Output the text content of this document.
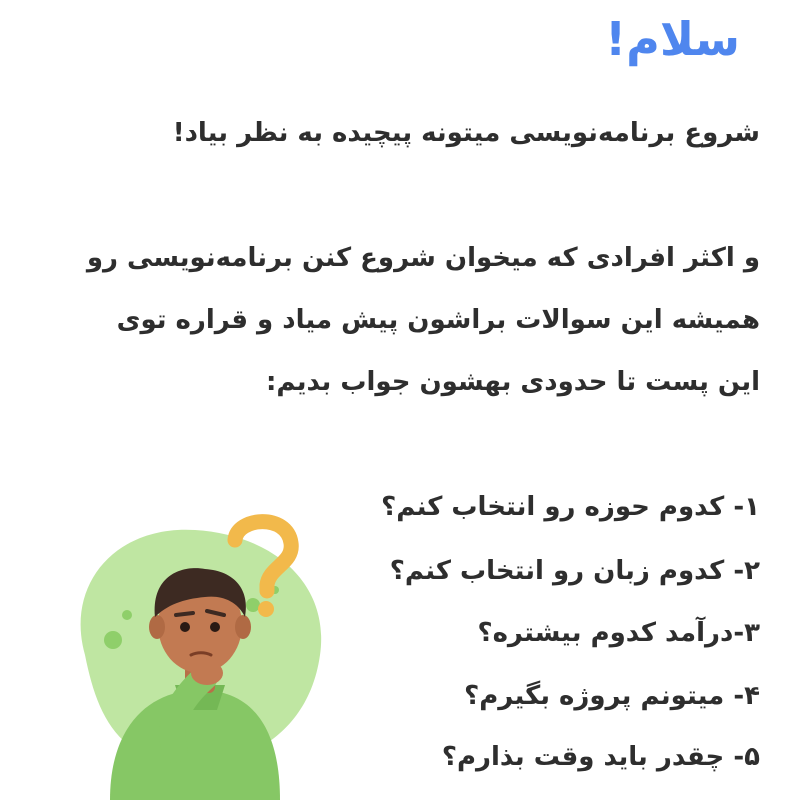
سلام!

شروع برنامه‌نویسی میتونه پیچیده به نظر بیاد!

و اکثر افرادی که میخوان شروع کنن برنامه‌نویسی رو

همیشه این سوالات براشون پیش میاد و قراره توی

این پست تا حدودی بهشون جواب بدیم:

۱- کدوم حوزه رو انتخاب کنم؟

۲- کدوم زبان رو انتخاب کنم؟

۳-درآمد کدوم بیشتره؟

۴- میتونم پروژه بگیرم؟

۵- چقدر باید وقت بذارم؟
